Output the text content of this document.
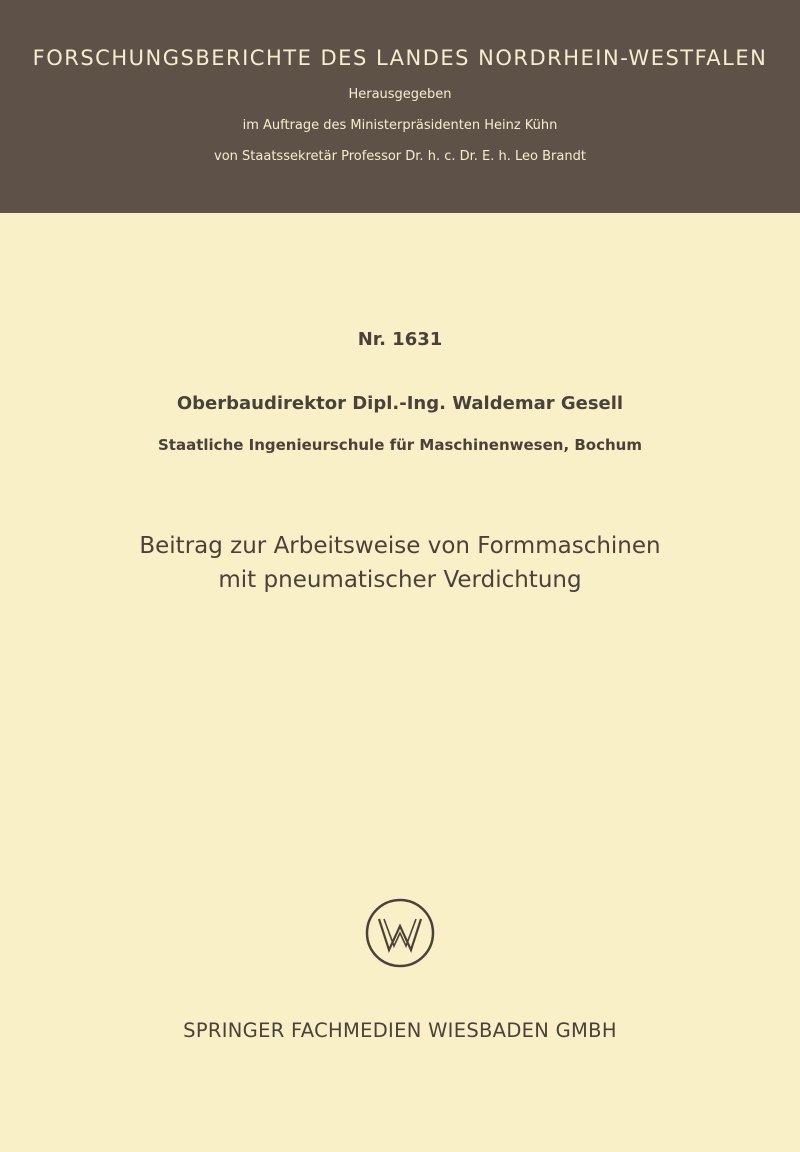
FORSCHUNGSBERICHTE DES LANDES NORDRHEIN-WESTFALEN
Herausgegeben
im Auftrage des Ministerpräsidenten Heinz Kühn
von Staatssekretär Professor Dr. h. c. Dr. E. h. Leo Brandt
Nr. 1631
Oberbaudirektor Dipl.-Ing. Waldemar Gesell
Staatliche Ingenieurschule für Maschinenwesen, Bochum
Beitrag zur Arbeitsweise von Formmaschinen
mit pneumatischer Verdichtung
SPRINGER FACHMEDIEN WIESBADEN GMBH
